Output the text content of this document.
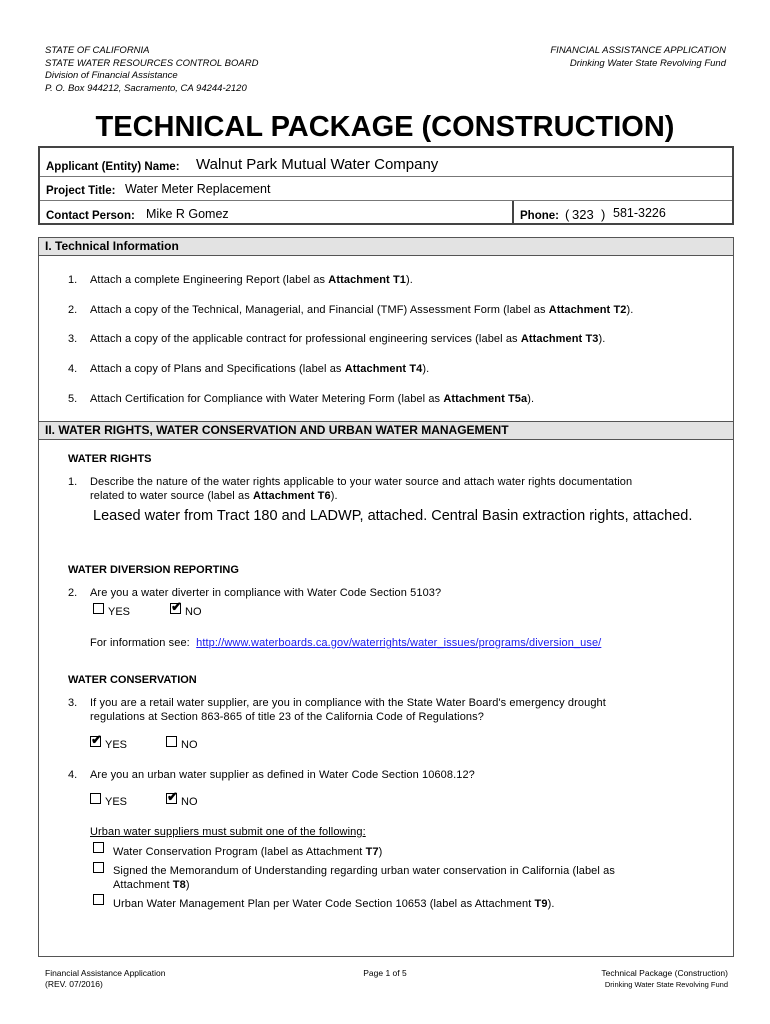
STATE OF CALIFORNIA
STATE WATER RESOURCES CONTROL BOARD
Division of Financial Assistance
P. O. Box 944212, Sacramento, CA 94244-2120
FINANCIAL ASSISTANCE APPLICATION
Drinking Water State Revolving Fund
TECHNICAL PACKAGE (CONSTRUCTION)
Applicant (Entity) Name: Walnut Park Mutual Water Company
Project Title: Water Meter Replacement
Contact Person: Mike R Gomez	Phone: ( 323 ) 581-3226
I. Technical Information
1. Attach a complete Engineering Report (label as Attachment T1).
2. Attach a copy of the Technical, Managerial, and Financial (TMF) Assessment Form (label as Attachment T2).
3. Attach a copy of the applicable contract for professional engineering services (label as Attachment T3).
4. Attach a copy of Plans and Specifications (label as Attachment T4).
5. Attach Certification for Compliance with Water Metering Form (label as Attachment T5a).
II. WATER RIGHTS, WATER CONSERVATION AND URBAN WATER MANAGEMENT
WATER RIGHTS
1. Describe the nature of the water rights applicable to your water source and attach water rights documentation
related to water source (label as Attachment T6).
Leased water from Tract 180 and LADWP, attached. Central Basin extraction rights, attached.
WATER DIVERSION REPORTING
2. Are you a water diverter in compliance with Water Code Section 5103?
YES	✔ NO
For information see: http://www.waterboards.ca.gov/waterrights/water_issues/programs/diversion_use/
WATER CONSERVATION
3. If you are a retail water supplier, are you in compliance with the State Water Board's emergency drought
regulations at Section 863-865 of title 23 of the California Code of Regulations?
✔ YES	NO
4. Are you an urban water supplier as defined in Water Code Section 10608.12?
YES	✔ NO
Urban water suppliers must submit one of the following:
Water Conservation Program (label as Attachment T7)
Signed the Memorandum of Understanding regarding urban water conservation in California (label as
Attachment T8)
Urban Water Management Plan per Water Code Section 10653 (label as Attachment T9).
Financial Assistance Application
(REV. 07/2016)
Page 1 of 5	Technical Package (Construction)
Drinking Water State Revolving Fund
